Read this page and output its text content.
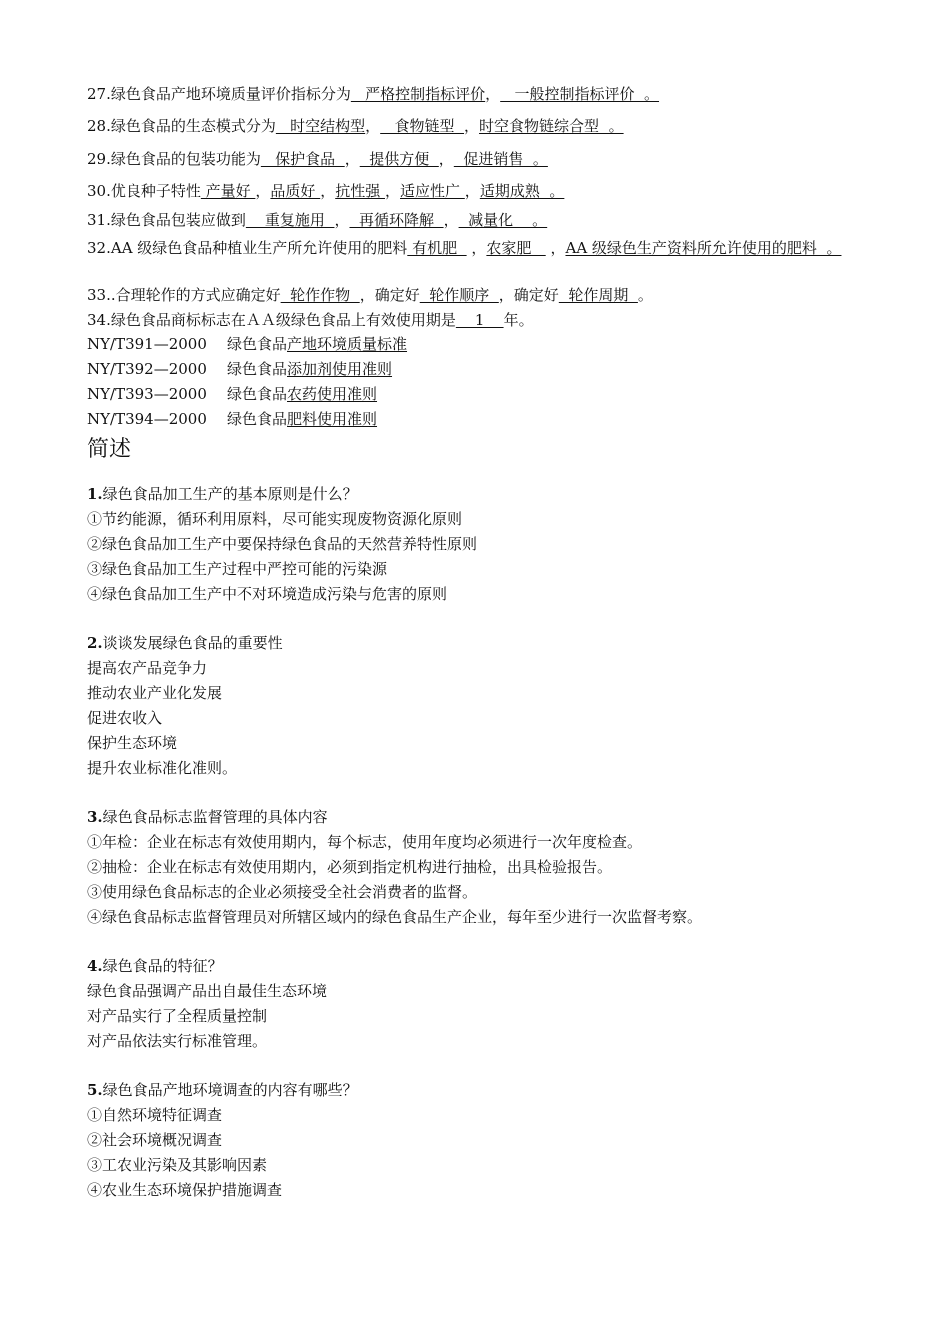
27.绿色食品产地环境质量评价指标分为   严格控制指标评价，   一般控制指标评价  。

28.绿色食品的生态模式分为   时空结构型，   食物链型  ，时空食物链综合型  。

29.绿色食品的包装功能为   保护食品  ，  提供方便  ，  促进销售  。

30.优良种子特性 产量好 ，品质好 ，抗性强 ，适应性广 ，适期成熟  。

31.绿色食品包装应做到    重复施用  ，  再循环降解  ，  减量化    。

32.AA 级绿色食品种植业生产所允许使用的肥料 有机肥   ，农家肥    ，AA 级绿色生产资料所允许使用的肥料  。

33..合理轮作的方式应确定好  轮作作物  ，确定好  轮作顺序  ，确定好  轮作周期  。

34.绿色食品商标标志在ＡＡ级绿色食品上有效使用期是    1    年。

NY/T391—2000 绿色食品产地环境质量标准

NY/T392—2000 绿色食品添加剂使用准则

NY/T393—2000 绿色食品农药使用准则

NY/T394—2000 绿色食品肥料使用准则

简述

1.绿色食品加工生产的基本原则是什么？

①节约能源，循环利用原料，尽可能实现废物资源化原则

②绿色食品加工生产中要保持绿色食品的天然营养特性原则

③绿色食品加工生产过程中严控可能的污染源

④绿色食品加工生产中不对环境造成污染与危害的原则

2.谈谈发展绿色食品的重要性

提高农产品竞争力

推动农业产业化发展

促进农收入

保护生态环境

提升农业标准化准则。

3.绿色食品标志监督管理的具体内容

①年检：企业在标志有效使用期内，每个标志，使用年度均必须进行一次年度检查。

②抽检：企业在标志有效使用期内，必须到指定机构进行抽检，出具检验报告。

③使用绿色食品标志的企业必须接受全社会消费者的监督。

④绿色食品标志监督管理员对所辖区域内的绿色食品生产企业，每年至少进行一次监督考察。

4.绿色食品的特征？

绿色食品强调产品出自最佳生态环境

对产品实行了全程质量控制

对产品依法实行标准管理。

5.绿色食品产地环境调查的内容有哪些？

①自然环境特征调查

②社会环境概况调查

③工农业污染及其影响因素

④农业生态环境保护措施调查
